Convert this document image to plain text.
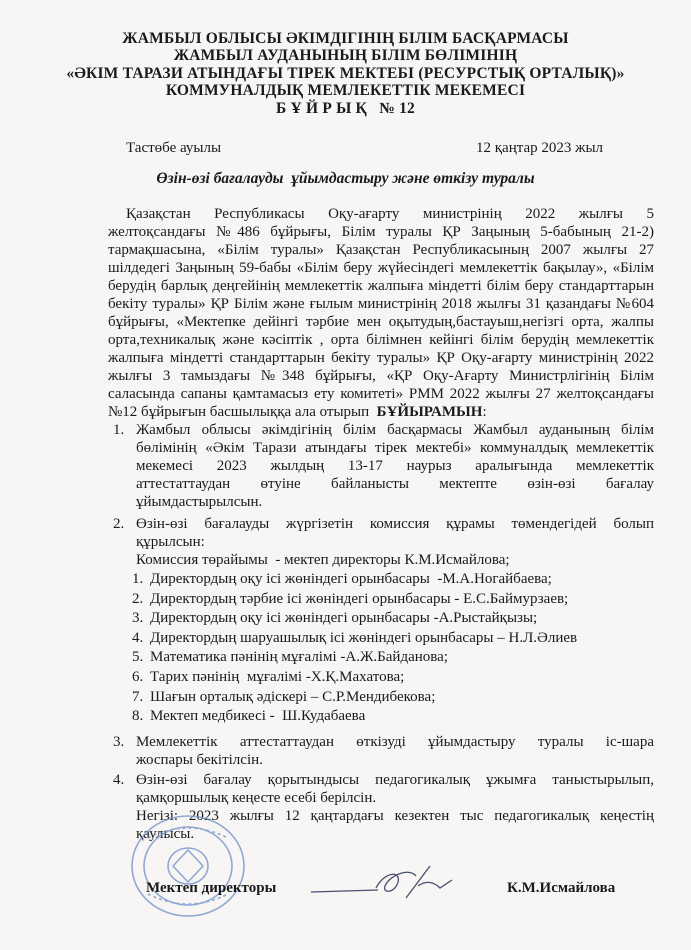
ЖАМБЫЛ ОБЛЫСЫ ӘКІМДІГІНІҢ БІЛІМ БАСҚАРМАСЫ
ЖАМБЫЛ АУДАНЫНЫҢ БІЛІМ БӨЛІМІНІҢ
«ӘКІМ ТАРАЗИ АТЫНДАҒЫ ТІРЕК МЕКТЕБІ (РЕСУРСТЫҚ ОРТАЛЫҚ)»
КОММУНАЛДЫҚ МЕМЛЕКЕТТІК МЕКЕМЕСІ
Б Ұ Й Р Ы Қ   № 12
Тастөбе ауылы	12 қаңтар 2023 жыл
Өзін-өзі бағалауды  ұйымдастыру және өткізу туралы
Қазақстан Республикасы Оқу-ағарту министрінің 2022 жылғы 5
желтоқсандағы №486 бұйрығы, Білім туралы ҚР Заңының 5-бабының 21-2)
тармақшасына, «Білім туралы» Қазақстан Республикасының 2007 жылғы 27
шілдедегі Заңының 59-бабы «Білім беру жүйесіндегі мемлекеттік бақылау», «Білім
берудің барлық деңгейінің мемлекеттік жалпыға міндетті білім беру стандарттарын
бекіту туралы» ҚР Білім және ғылым министрінің 2018 жылғы 31 қазандағы №604
бұйрығы, «Мектепке дейінгі тәрбие мен оқытудың,бастауыш,негізгі орта, жалпы
орта,техникалық және кәсіптік , орта білімнен кейінгі білім берудің мемлекеттік
жалпыға міндетті стандарттарын бекіту туралы» ҚР Оқу-ағарту министрінің 2022
жылғы 3 тамыздағы №348 бұйрығы, «ҚР Оқу-Ағарту Министрлігінің Білім
саласында сапаны қамтамасыз ету комитеті» РММ 2022 жылғы 27 желтоқсандағы
№12 бұйрығын басшылыққа ала отырып БҰЙЫРАМЫН:
1. Жамбыл облысы әкімдігінің білім басқармасы Жамбыл ауданының білім
бөлімінің «Әкім Тарази атындағы тірек мектебі» коммуналдық мемлекеттік
мекемесі 2023 жылдың 13-17 наурыз аралығында мемлекеттік
аттестаттаудан өтуіне байланысты мектепте өзін-өзі бағалау
ұйымдастырылсын.
2. Өзін-өзі бағалауды жүргізетін комиссия құрамы төмендегідей болып
құрылсын:
Комиссия төрайымы  - мектеп директоры К.М.Исмайлова;
1. Директордың оқу ісі жөніндегі орынбасары  -М.А.Ногайбаева;
2. Директордың тәрбие ісі жөніндегі орынбасары - Е.С.Баймурзаев;
3. Директордың оқу ісі жөніндегі орынбасары -А.Рыстайқызы;
4. Директордың шаруашылық ісі жөніндегі орынбасары – Н.Л.Әлиев
5. Математика пәнінің мұғалімі -А.Ж.Байданова;
6. Тарих пәнінің  мұғалімі -Х.Қ.Махатова;
7. Шағын орталық әдіскері – С.Р.Мендибекова;
8. Мектеп медбикесі -  Ш.Кудабаева
3. Мемлекеттік аттестаттаудан өткізуді ұйымдастыру туралы іс-шара
жоспары бекітілсін.
4. Өзін-өзі бағалау қорытындысы педагогикалық ұжымға таныстырылып,
қамқоршылық кеңесте есебі берілсін.
Негізі: 2023 жылғы 12 қаңтардағы кезектен тыс педагогикалық кеңестің
қаулысы.
Мектеп директоры	К.М.Исмайлова
